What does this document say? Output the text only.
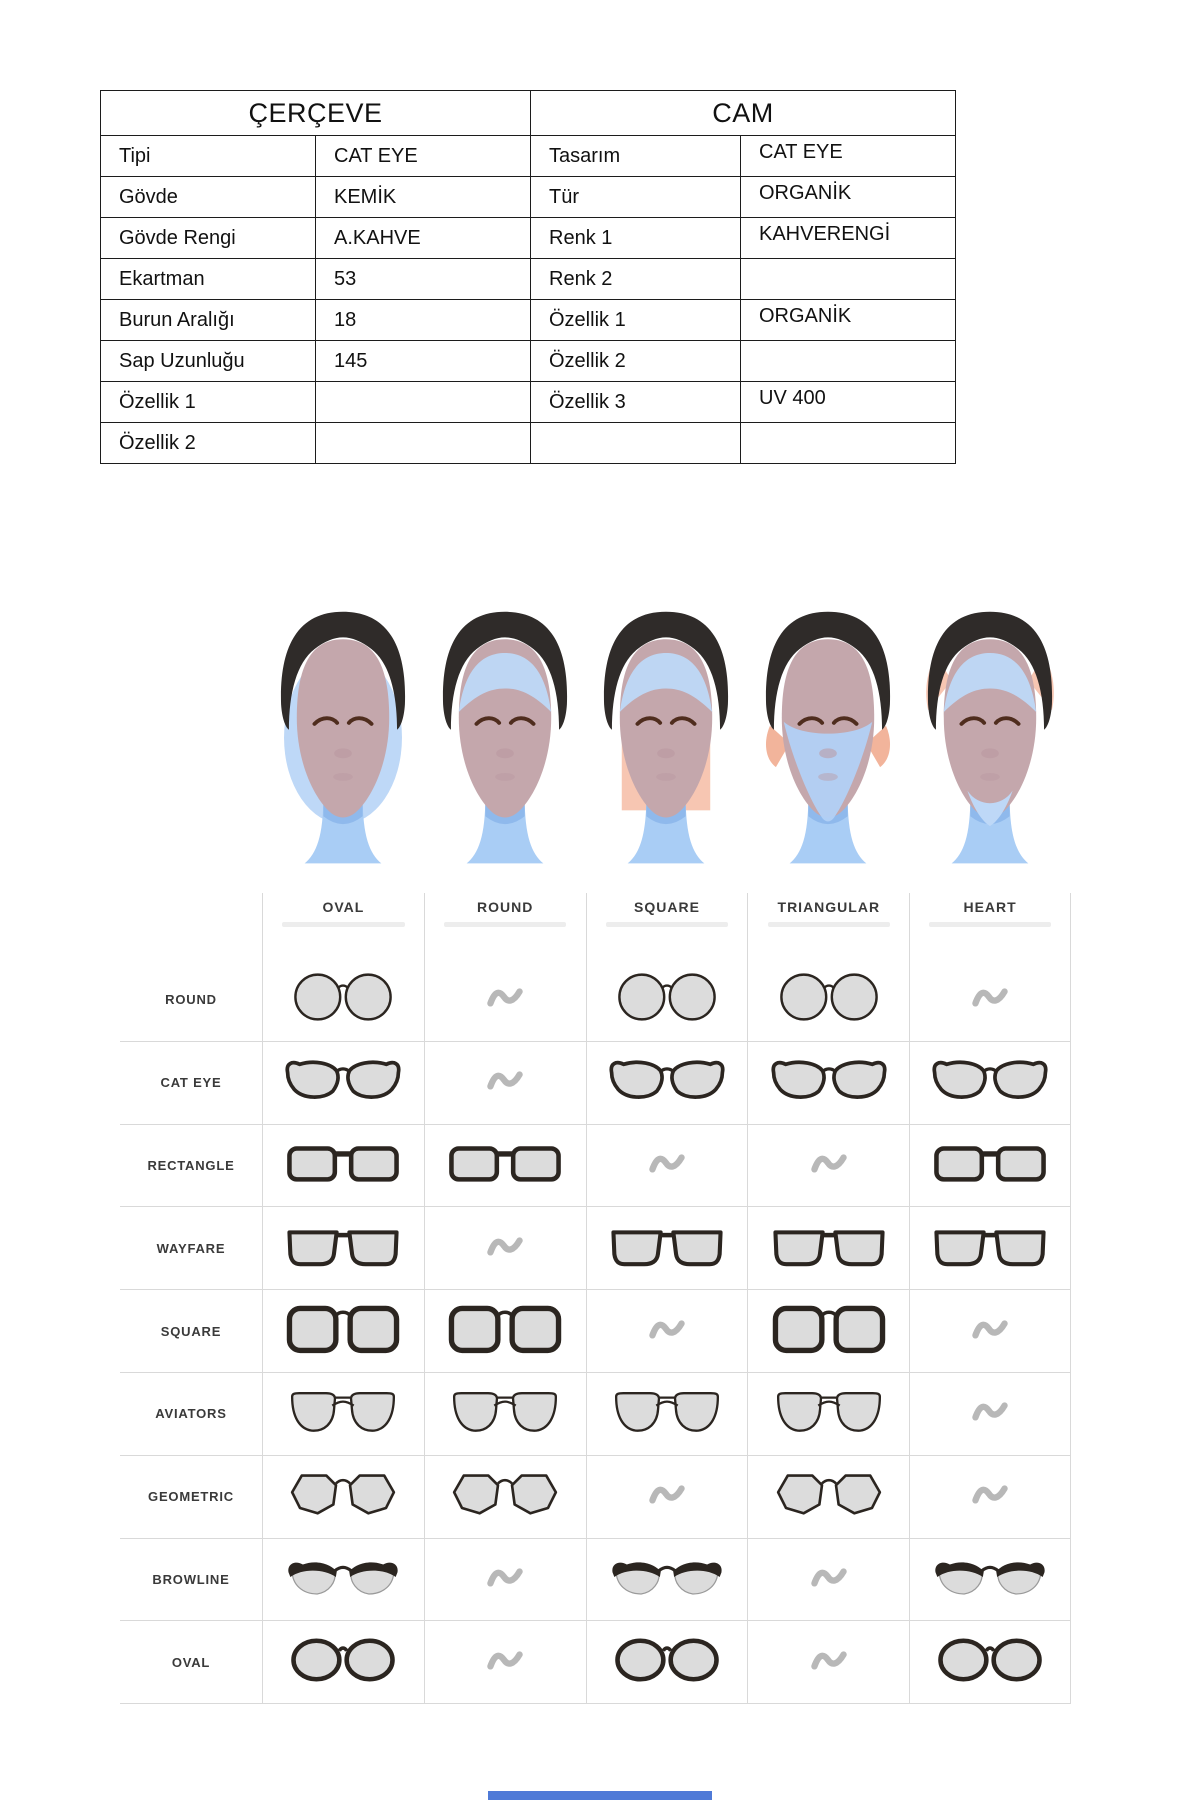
ÇERÇEVE		CAM	
Tipi	CAT EYE	Tasarım	CAT EYE
Gövde	KEMİK	Tür	ORGANİK
Gövde Rengi	A.KAHVE	Renk 1	KAHVERENGİ
Ekartman	53	Renk 2	
Burun Aralığı	18	Özellik 1	ORGANİK
Sap Uzunluğu	145	Özellik 2	
Özellik 1		Özellik 3	UV 400
Özellik 2			
OVAL	ROUND	SQUARE	TRIANGULAR	HEART
ROUND
CAT EYE
RECTANGLE
WAYFARE
SQUARE
AVIATORS
GEOMETRIC
BROWLINE
OVAL
